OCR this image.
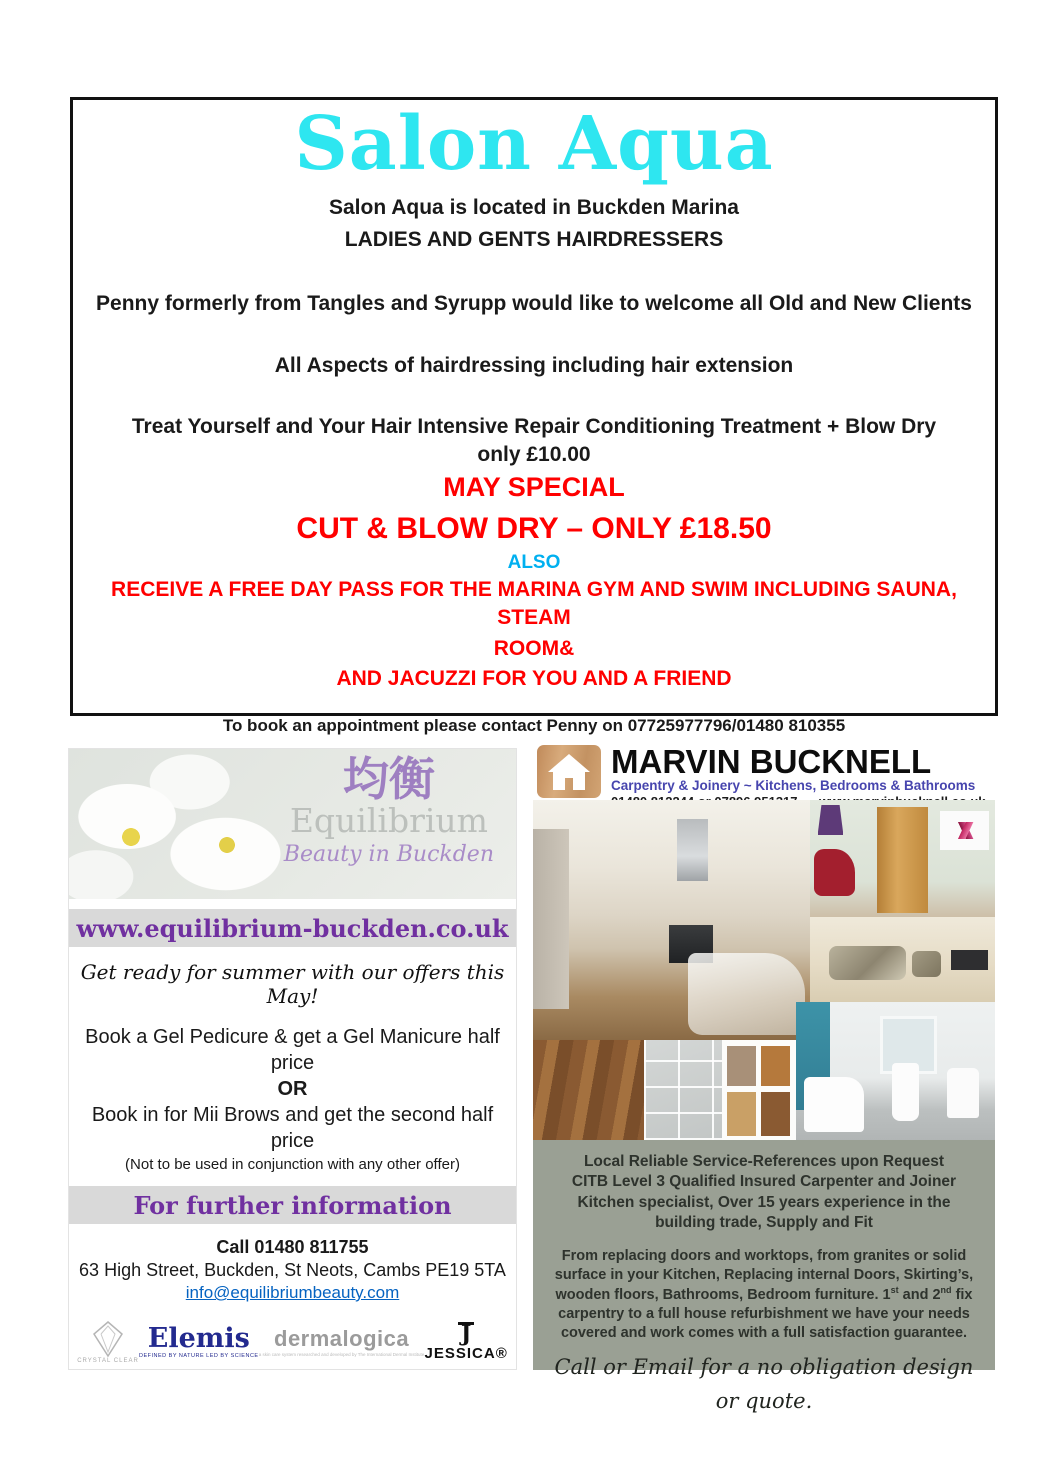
Salon Aqua

Salon Aqua is located in Buckden Marina

LADIES AND GENTS HAIRDRESSERS

Penny formerly from Tangles and Syrupp would like to welcome all Old and New Clients

All Aspects of hairdressing including hair extension

Treat Yourself and Your Hair Intensive Repair Conditioning Treatment + Blow Dry

only £10.00

MAY SPECIAL

CUT & BLOW DRY – ONLY £18.50

ALSO

RECEIVE A FREE DAY PASS FOR THE MARINA GYM AND SWIM INCLUDING SAUNA, STEAM

ROOM&

AND JACUZZI FOR YOU AND A FRIEND

To book an appointment please contact Penny on 07725977796/01480 810355

均衡
Equilibrium
Beauty in Buckden
www.equilibrium-buckden.co.uk

Get ready for summer with our offers this May!

Book a Gel Pedicure & get a Gel Manicure half

price

OR

Book in for Mii Brows and get the second half

price

(Not to be used in conjunction with any other offer)

For further information

Call 01480 811755

63 High Street, Buckden, St Neots, Cambs PE19 5TA

info@equilibriumbeauty.com

CRYSTAL CLEAR
Elemis
DEFINED BY NATURE LED BY SCIENCE
dermalogica
a skin care system researched and developed by The International Dermal Institute
J
JESSICA®

MARVIN BUCKNELL

Carpentry & Joinery ~ Kitchens, Bedrooms & Bathrooms

Local Reliable Service-References upon Request

CITB Level 3 Qualified Insured Carpenter and Joiner Kitchen specialist, Over 15 years experience in the building trade, Supply and Fit

From replacing doors and worktops, from granites or solid surface in your Kitchen, Replacing internal Doors, Skirting’s, wooden floors, Bathrooms, Bedroom furniture. 1st and 2nd fix carpentry to a full house refurbishment we have your needs covered and work comes with a full satisfaction guarantee.

Call or Email for a no obligation design or quote.
